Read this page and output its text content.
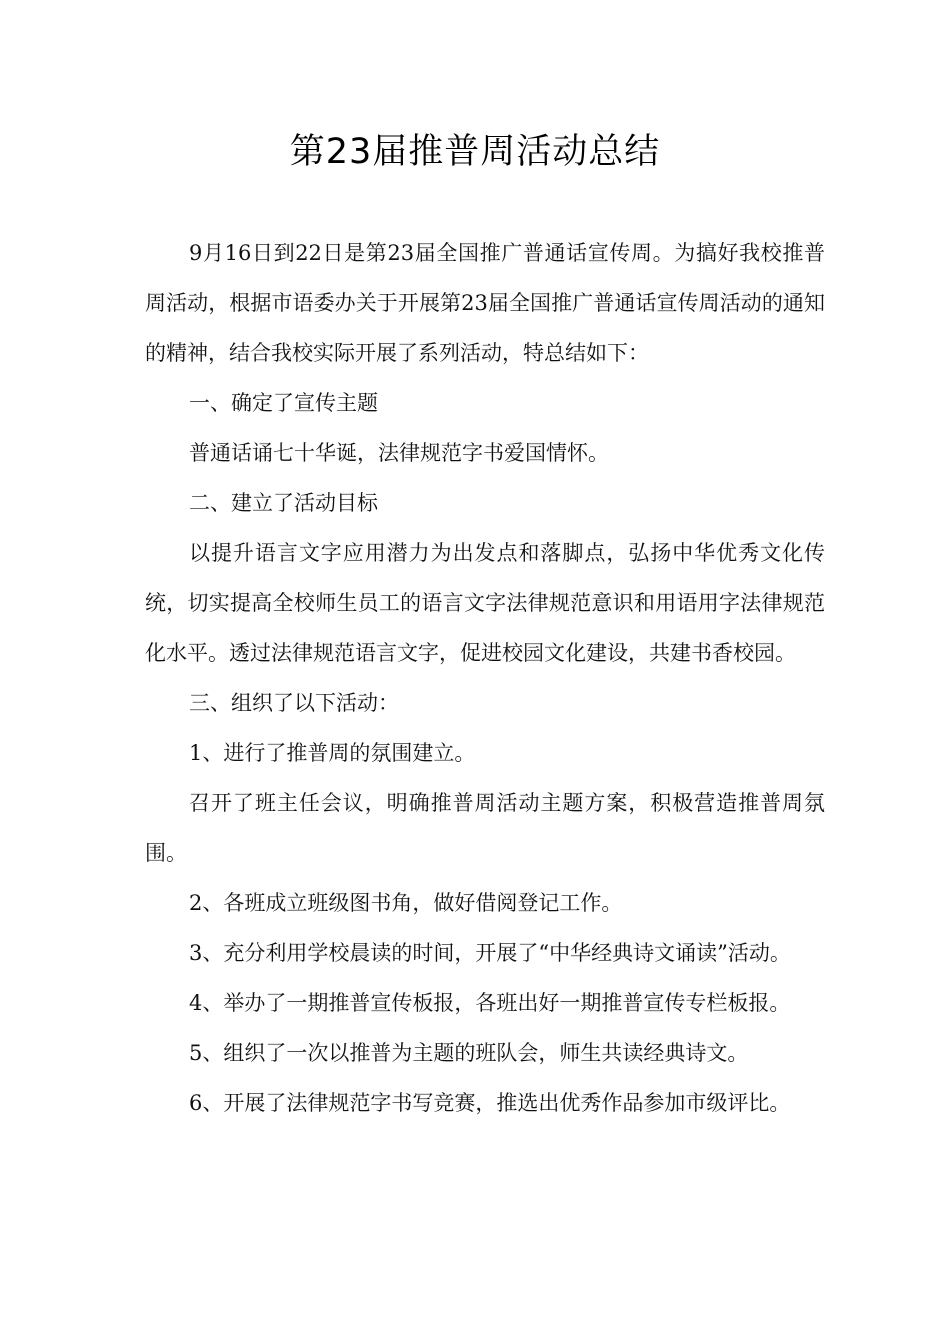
第23届推普周活动总结

9月16日到22日是第23届全国推广普通话宣传周。为搞好我校推普周活动，根据市语委办关于开展第23届全国推广普通话宣传周活动的通知的精神，结合我校实际开展了系列活动，特总结如下：

一、确定了宣传主题

普通话诵七十华诞，法律规范字书爱国情怀。

二、建立了活动目标

以提升语言文字应用潜力为出发点和落脚点，弘扬中华优秀文化传统，切实提高全校师生员工的语言文字法律规范意识和用语用字法律规范化水平。透过法律规范语言文字，促进校园文化建设，共建书香校园。

三、组织了以下活动：

1、进行了推普周的氛围建立。

召开了班主任会议，明确推普周活动主题方案，积极营造推普周氛围。

2、各班成立班级图书角，做好借阅登记工作。

3、充分利用学校晨读的时间，开展了“中华经典诗文诵读”活动。

4、举办了一期推普宣传板报，各班出好一期推普宣传专栏板报。

5、组织了一次以推普为主题的班队会，师生共读经典诗文。

6、开展了法律规范字书写竞赛，推选出优秀作品参加市级评比。
